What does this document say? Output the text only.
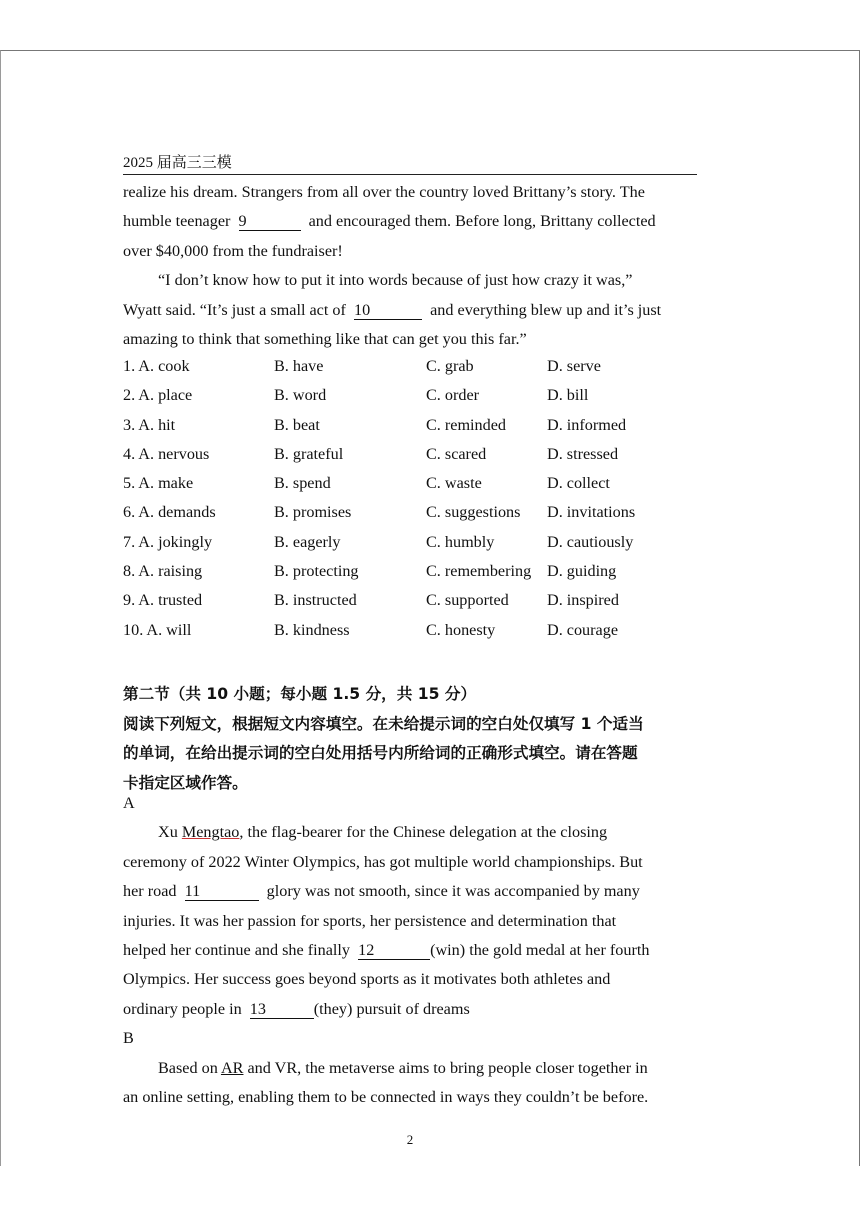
2025 届高三三模

realize his dream. Strangers from all over the country loved Brittany’s story. The

humble teenager 9	and encouraged them. Before long, Brittany collected

over $40,000 from the fundraiser!

“I don’t know how to put it into words because of just how crazy it was,”

Wyatt said. “It’s just a small act of 10	and everything blew up and it’s just

amazing to think that something like that can get you this far.”

1. A. cook	B. have	C. grab	D. serve
2. A. place	B. word	C. order	D. bill
3. A. hit	B. beat	C. reminded	D. informed
4. A. nervous	B. grateful	C. scared	D. stressed
5. A. make	B. spend	C. waste	D. collect
6. A. demands	B. promises	C. suggestions D. invitations
7. A. jokingly	B. eagerly	C. humbly	D. cautiously
8. A. raising	B. protecting	C. remembering D. guiding
9. A. trusted	B. instructed	C. supported D. inspired
10. A. will	B. kindness	C. honesty	D. courage
第二节（共 10 小题；每小题 1.5 分，共 15 分）
阅读下列短文，根据短文内容填空。在未给提示词的空白处仅填写 1 个适当
的单词，在给出提示词的空白处用括号内所给词的正确形式填空。请在答题
卡指定区域作答。

A

Xu Mengtao, the flag-bearer for the Chinese delegation at the closing

ceremony of 2022 Winter Olympics, has got multiple world championships. But

her road 11	glory was not smooth, since it was accompanied by many

injuries. It was her passion for sports, her persistence and determination that

helped her continue and she finally 12	(win) the gold medal at her fourth

Olympics. Her success goes beyond sports as it motivates both athletes and

ordinary people in 13	(they) pursuit of dreams

B

Based on AR and VR, the metaverse aims to bring people closer together in

an online setting, enabling them to be connected in ways they couldn’t be before.

2
